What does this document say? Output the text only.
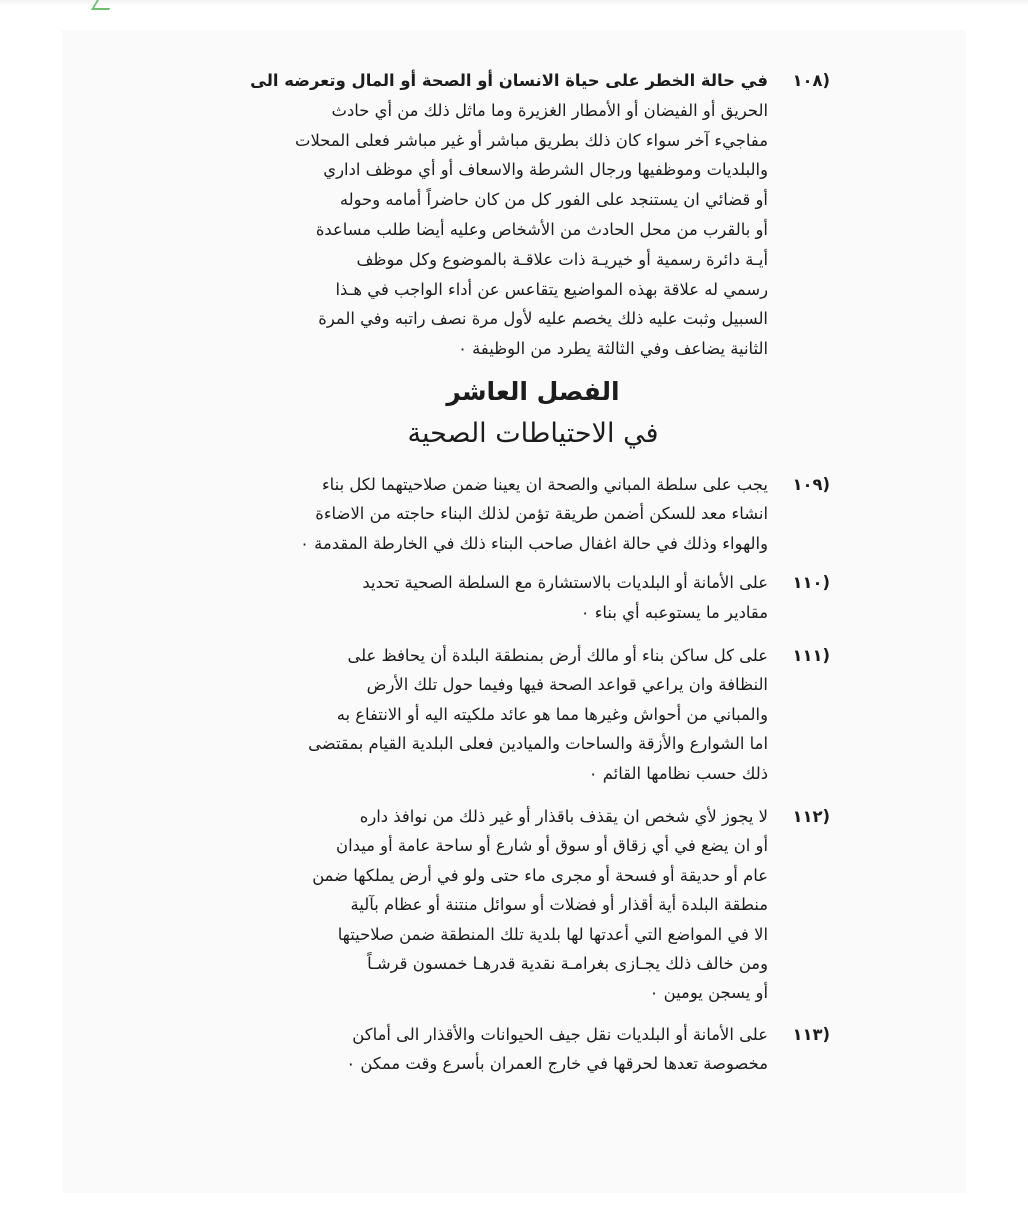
(١٠٨
في حالة الخطر على حياة الانسان أو الصحة أو المال وتعرضه الى
الحريق أو الفيضان أو الأمطار الغزيرة وما ماثل ذلك من أي حادث
مفاجيء آخر سواء كان ذلك بطريق مباشر أو غير مباشر فعلى المحلات
والبلديات وموظفيها ورجال الشرطة والاسعاف أو أي موظف اداري
أو قضائي ان يستنجد على الفور كل من كان حاضراً أمامه وحوله
أو بالقرب من محل الحادث من الأشخاص وعليه أيضا طلب مساعدة
أيـة دائرة رسمية أو خيريـة ذات علاقـة بالموضوع وكل موظف
رسمي له علاقة بهذه المواضيع يتقاعس عن أداء الواجب في هـذا
السبيل وثبت عليه ذلك يخصم عليه لأول مرة نصف راتبه وفي المرة
الثانية يضاعف وفي الثالثة يطرد من الوظيفة ٠
الفصل العاشر
في الاحتياطات الصحية
(١٠٩
يجب على سلطة المباني والصحة ان يعينا ضمن صلاحيتهما لكل بناء
انشاء معد للسكن أضمن طريقة تؤمن لذلك البناء حاجته من الاضاءة
والهواء وذلك في حالة اغفال صاحب البناء ذلك في الخارطة المقدمة ٠
(١١٠
على الأمانة أو البلديات بالاستشارة مع السلطة الصحية تحديد
مقادير ما يستوعبه أي بناء ٠
(١١١
على كل ساكن بناء أو مالك أرض بمنطقة البلدة أن يحافظ على
النظافة وان يراعي قواعد الصحة فيها وفيما حول تلك الأرض
والمباني من أحواش وغيرها مما هو عائد ملكيته اليه أو الانتفاع به
اما الشوارع والأزقة والساحات والميادين فعلى البلدية القيام بمقتضى
ذلك حسب نظامها القائم ٠
(١١٢
لا يجوز لأي شخص ان يقذف باقذار أو غير ذلك من نوافذ داره
أو ان يضع في أي زقاق أو سوق أو شارع أو ساحة عامة أو ميدان
عام أو حديقة أو فسحة أو مجرى ماء حتى ولو في أرض يملكها ضمن
منطقة البلدة أية أقذار أو فضلات أو سوائل منتنة أو عظام بآلية
الا في المواضع التي أعدتها لها بلدية تلك المنطقة ضمن صلاحيتها
ومن خالف ذلك يجـازى بغرامـة نقدية قدرهـا خمسون قرشـاً
أو يسجن يومين ٠
(١١٣
على الأمانة أو البلديات نقل جيف الحيوانات والأقذار الى أماكن
مخصوصة تعدها لحرقها في خارج العمران بأسرع وقت ممكن ٠
